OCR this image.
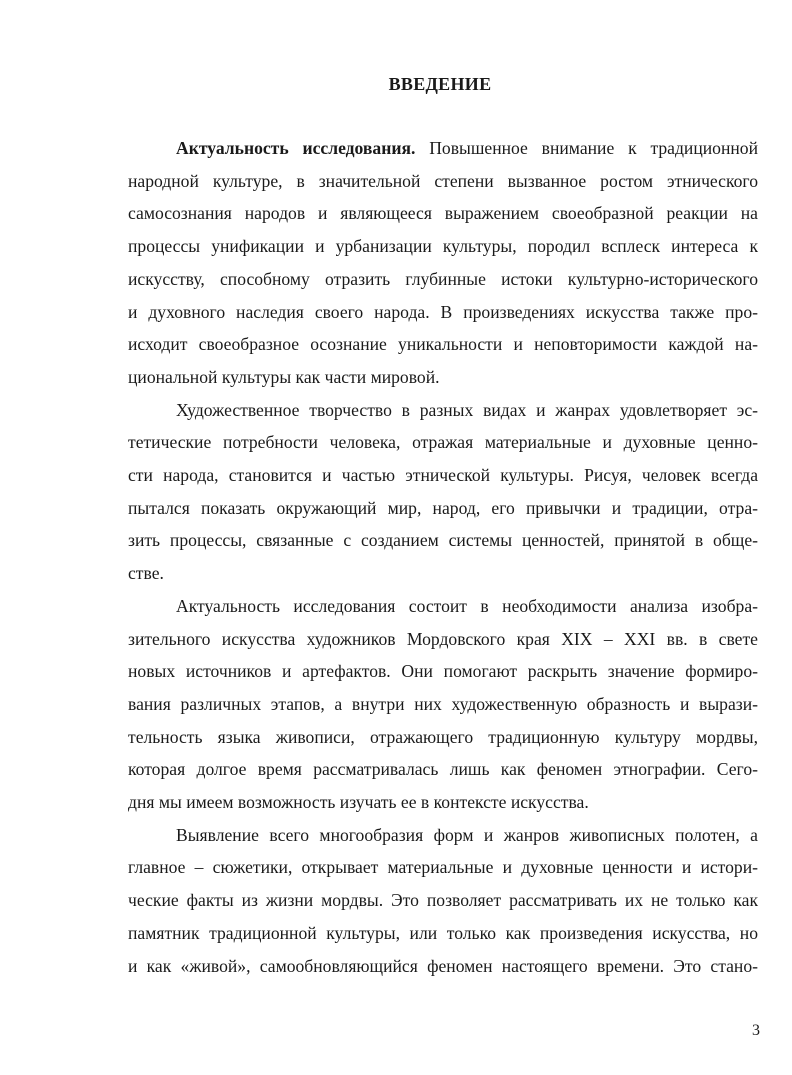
ВВЕДЕНИЕ
Актуальность исследования. Повышенное внимание к традиционной
народной культуре, в значительной степени вызванное ростом этнического
самосознания народов и являющееся выражением своеобразной реакции на
процессы унификации и урбанизации культуры, породил всплеск интереса к
искусству, способному отразить глубинные истоки культурно-исторического
и духовного наследия своего народа. В произведениях искусства также про-
исходит своеобразное осознание уникальности и неповторимости каждой на-
циональной культуры как части мировой.
Художественное творчество в разных видах и жанрах удовлетворяет эс-
тетические потребности человека, отражая материальные и духовные ценно-
сти народа, становится и частью этнической культуры. Рисуя, человек всегда
пытался показать окружающий мир, народ, его привычки и традиции, отра-
зить процессы, связанные с созданием системы ценностей, принятой в обще-
стве.
Актуальность исследования состоит в необходимости анализа изобра-
зительного искусства художников Мордовского края XIX – XXI вв. в свете
новых источников и артефактов. Они помогают раскрыть значение формиро-
вания различных этапов, а внутри них художественную образность и вырази-
тельность языка живописи, отражающего традиционную культуру мордвы,
которая долгое время рассматривалась лишь как феномен этнографии. Сего-
дня мы имеем возможность изучать ее в контексте искусства.
Выявление всего многообразия форм и жанров живописных полотен, а
главное – сюжетики, открывает материальные и духовные ценности и истори-
ческие факты из жизни мордвы. Это позволяет рассматривать их не только как
памятник традиционной культуры, или только как произведения искусства, но
и как «живой», самообновляющийся феномен настоящего времени. Это стано-
3
